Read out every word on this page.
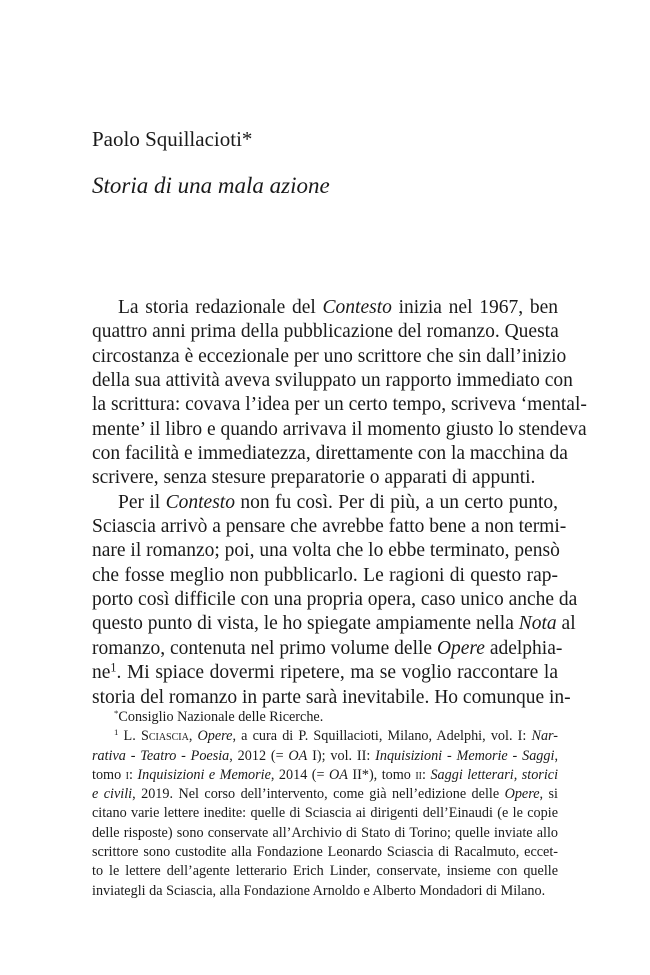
Paolo Squillacioti*
Storia di una mala azione
La storia redazionale del Contesto inizia nel 1967, ben
quattro anni prima della pubblicazione del romanzo. Questa
circostanza è eccezionale per uno scrittore che sin dall’inizio
della sua attività aveva sviluppato un rapporto immediato con
la scrittura: covava l’idea per un certo tempo, scriveva ‘mental-
mente’ il libro e quando arrivava il momento giusto lo stendeva
con facilità e immediatezza, direttamente con la macchina da
scrivere, senza stesure preparatorie o apparati di appunti.
Per il Contesto non fu così. Per di più, a un certo punto,
Sciascia arrivò a pensare che avrebbe fatto bene a non termi-
nare il romanzo; poi, una volta che lo ebbe terminato, pensò
che fosse meglio non pubblicarlo. Le ragioni di questo rap-
porto così difficile con una propria opera, caso unico anche da
questo punto di vista, le ho spiegate ampiamente nella Nota al
romanzo, contenuta nel primo volume delle Opere adelphia-
$ne^1$. Mi spiace dovermi ripetere, ma se voglio raccontare la
storia del romanzo in parte sarà inevitabile. Ho comunque in-
*Consiglio Nazionale delle Ricerche.
$^1$ L. Sciascia, Opere, a cura di P. Squillacioti, Milano, Adelphi, vol. I: Nar-
rativa - Teatro - Poesia, 2012 (= OA I); vol. II: Inquisizioni - Memorie - Saggi,
tomo i: Inquisizioni e Memorie, 2014 (= OA II*), tomo ii: Saggi letterari, storici
e civili, 2019. Nel corso dell’intervento, come già nell’edizione delle Opere, si
citano varie lettere inedite: quelle di Sciascia ai dirigenti dell’Einaudi (e le copie
delle risposte) sono conservate all’Archivio di Stato di Torino; quelle inviate allo
scrittore sono custodite alla Fondazione Leonardo Sciascia di Racalmuto, eccet-
to le lettere dell’agente letterario Erich Linder, conservate, insieme con quelle
inviategli da Sciascia, alla Fondazione Arnoldo e Alberto Mondadori di Milano.
